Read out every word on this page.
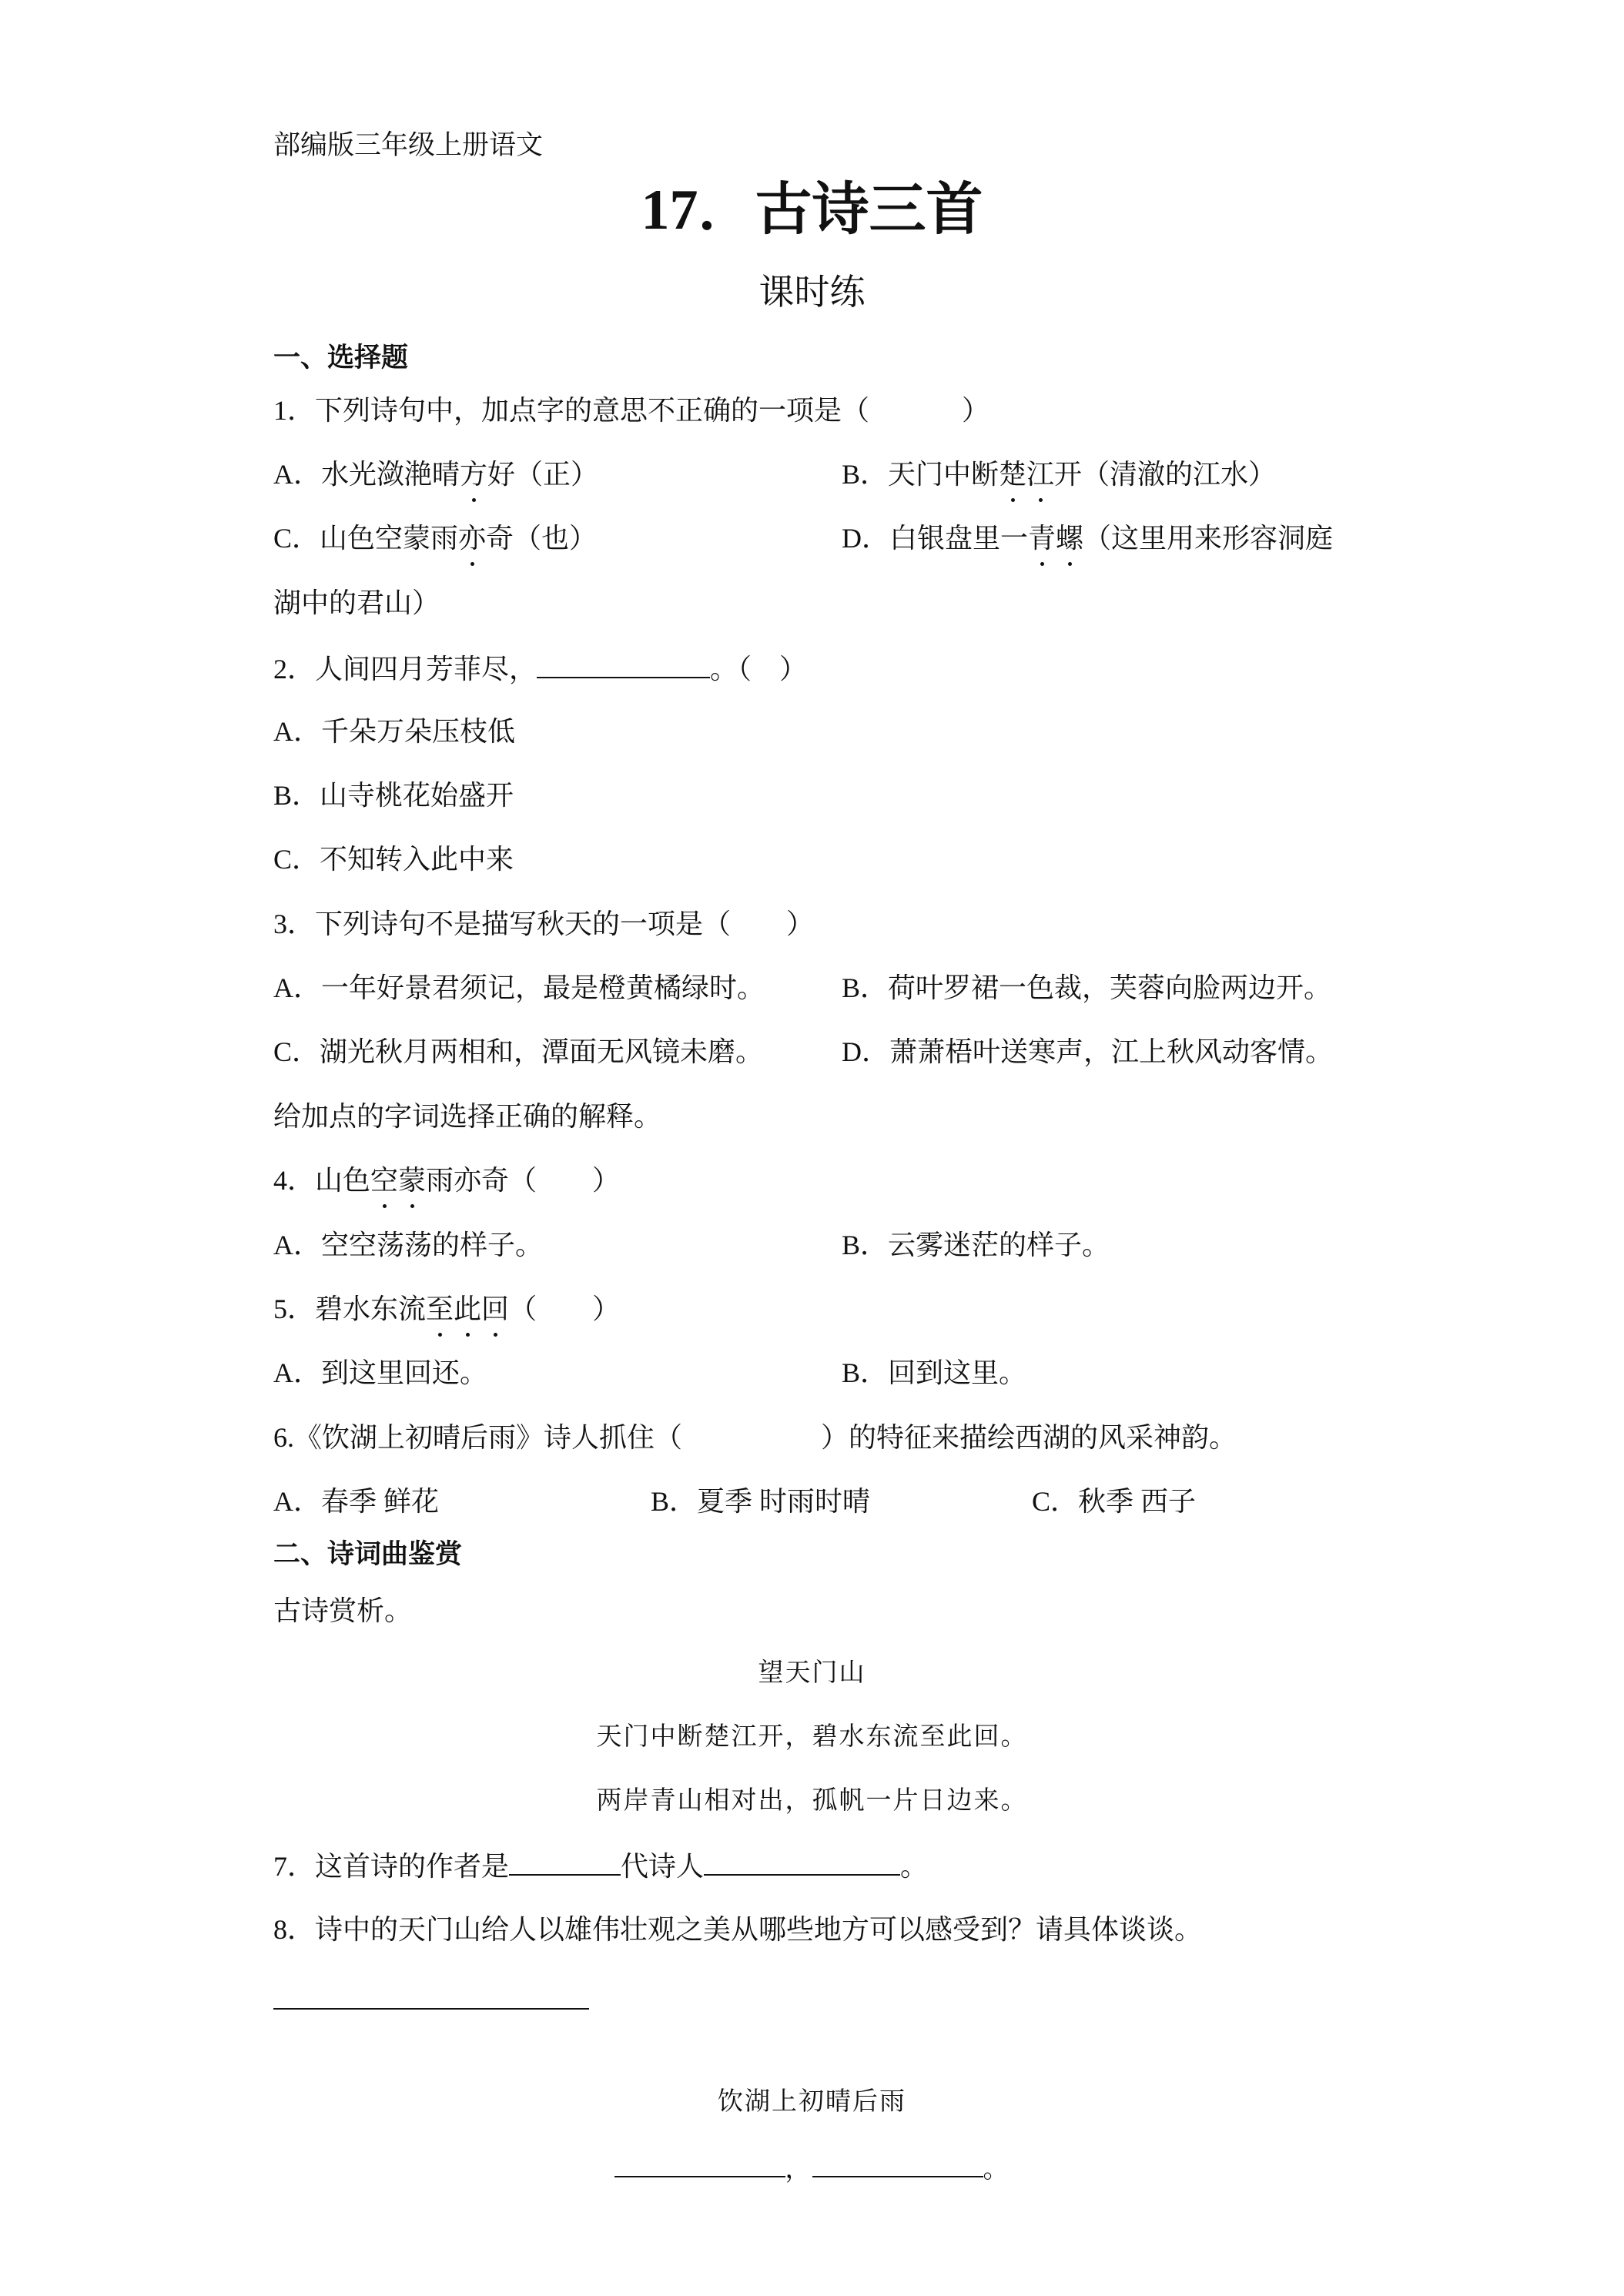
部编版三年级上册语文
17．古诗三首
课时练
一、选择题
1．下列诗句中，加点字的意思不正确的一项是（	）
A．水光潋滟晴方好（正）	B．天门中断楚江开（清澈的江水）
C．山色空蒙雨亦奇（也）	D．白银盘里一青螺（这里用来形容洞庭
湖中的君山）
2．人间四月芳菲尽，	。（　）
A．千朵万朵压枝低
B．山寺桃花始盛开
C．不知转入此中来
3．下列诗句不是描写秋天的一项是（　　）
A．一年好景君须记，最是橙黄橘绿时。	B．荷叶罗裙一色裁，芙蓉向脸两边开。
C．湖光秋月两相和，潭面无风镜未磨。	D．萧萧梧叶送寒声，江上秋风动客情。
给加点的字词选择正确的解释。
4．山色空蒙雨亦奇（　　）
A．空空荡荡的样子。	B．云雾迷茫的样子。
5．碧水东流至此回（　　）
A．到这里回还。	B．回到这里。
6.《饮湖上初晴后雨》诗人抓住（　　　　　）的特征来描绘西湖的风采神韵。
A．春季 鲜花	B．夏季 时雨时晴	C．秋季 西子
二、诗词曲鉴赏
古诗赏析。
望天门山
天门中断楚江开，碧水东流至此回。
两岸青山相对出，孤帆一片日边来。
7．这首诗的作者是	代诗人	。
8．诗中的天门山给人以雄伟壮观之美从哪些地方可以感受到？请具体谈谈。
饮湖上初晴后雨
，	。
